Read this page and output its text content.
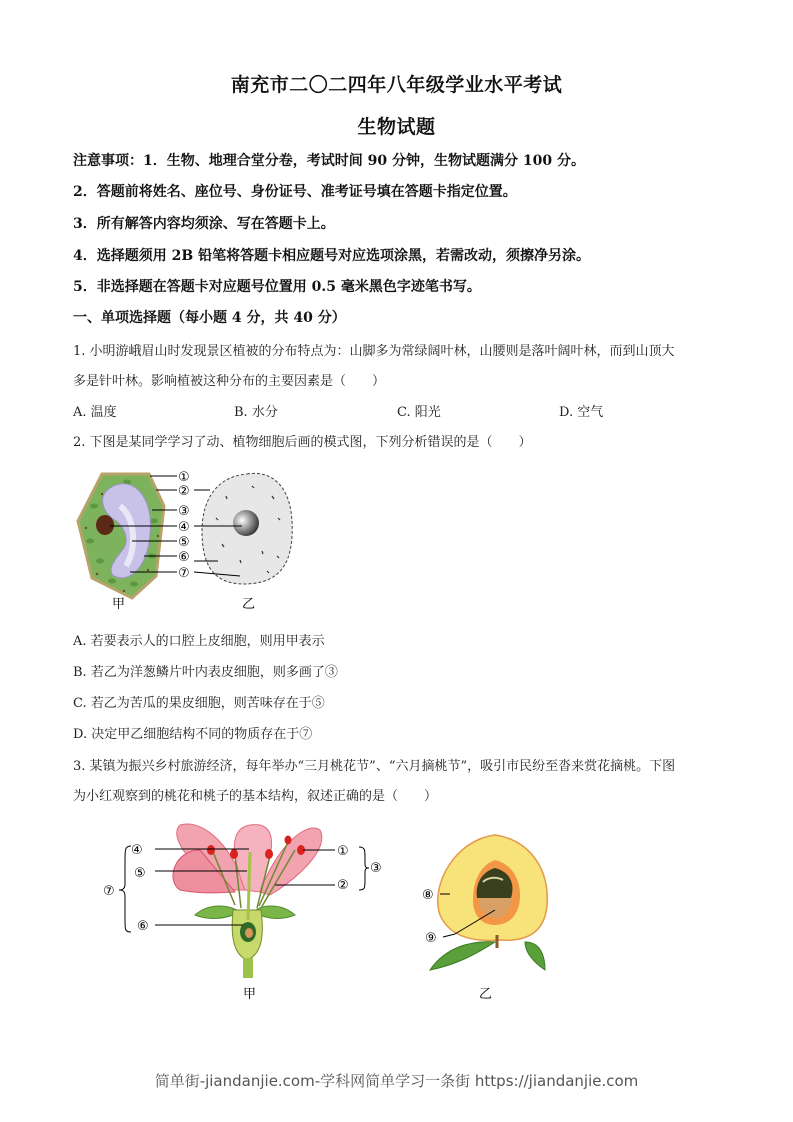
南充市二〇二四年八年级学业水平考试
生物试题
注意事项：1．生物、地理合堂分卷，考试时间 90 分钟，生物试题满分 100 分。
2．答题前将姓名、座位号、身份证号、准考证号填在答题卡指定位置。
3．所有解答内容均须涂、写在答题卡上。
4．选择题须用 2B 铅笔将答题卡相应题号对应选项涂黑，若需改动，须擦净另涂。
5．非选择题在答题卡对应题号位置用 0.5 毫米黑色字迹笔书写。
一、单项选择题（每小题 4 分，共 40 分）
1. 小明游峨眉山时发现景区植被的分布特点为：山脚多为常绿阔叶林，山腰则是落叶阔叶林，而到山顶大
多是针叶林。影响植被这种分布的主要因素是（　　）
A. 温度	B. 水分	C. 阳光	D. 空气
2. 下图是某同学学习了动、植物细胞后画的模式图，下列分析错误的是（　　）
①
②
③
④
⑤
⑥
⑦
甲	乙
A. 若要表示人的口腔上皮细胞，则用甲表示
B. 若乙为洋葱鳞片叶内表皮细胞，则多画了③
C. 若乙为苦瓜的果皮细胞，则苦味存在于⑤
D. 决定甲乙细胞结构不同的物质存在于⑦
3. 某镇为振兴乡村旅游经济，每年举办“三月桃花节”、“六月摘桃节”，吸引市民纷至沓来赏花摘桃。下图
为小红观察到的桃花和桃子的基本结构，叙述正确的是（　　）
④
⑤
⑦
⑥
①
②
③
甲
⑧
⑨
乙
简单街-jiandanjie.com-学科网简单学习一条街 https://jiandanjie.com
